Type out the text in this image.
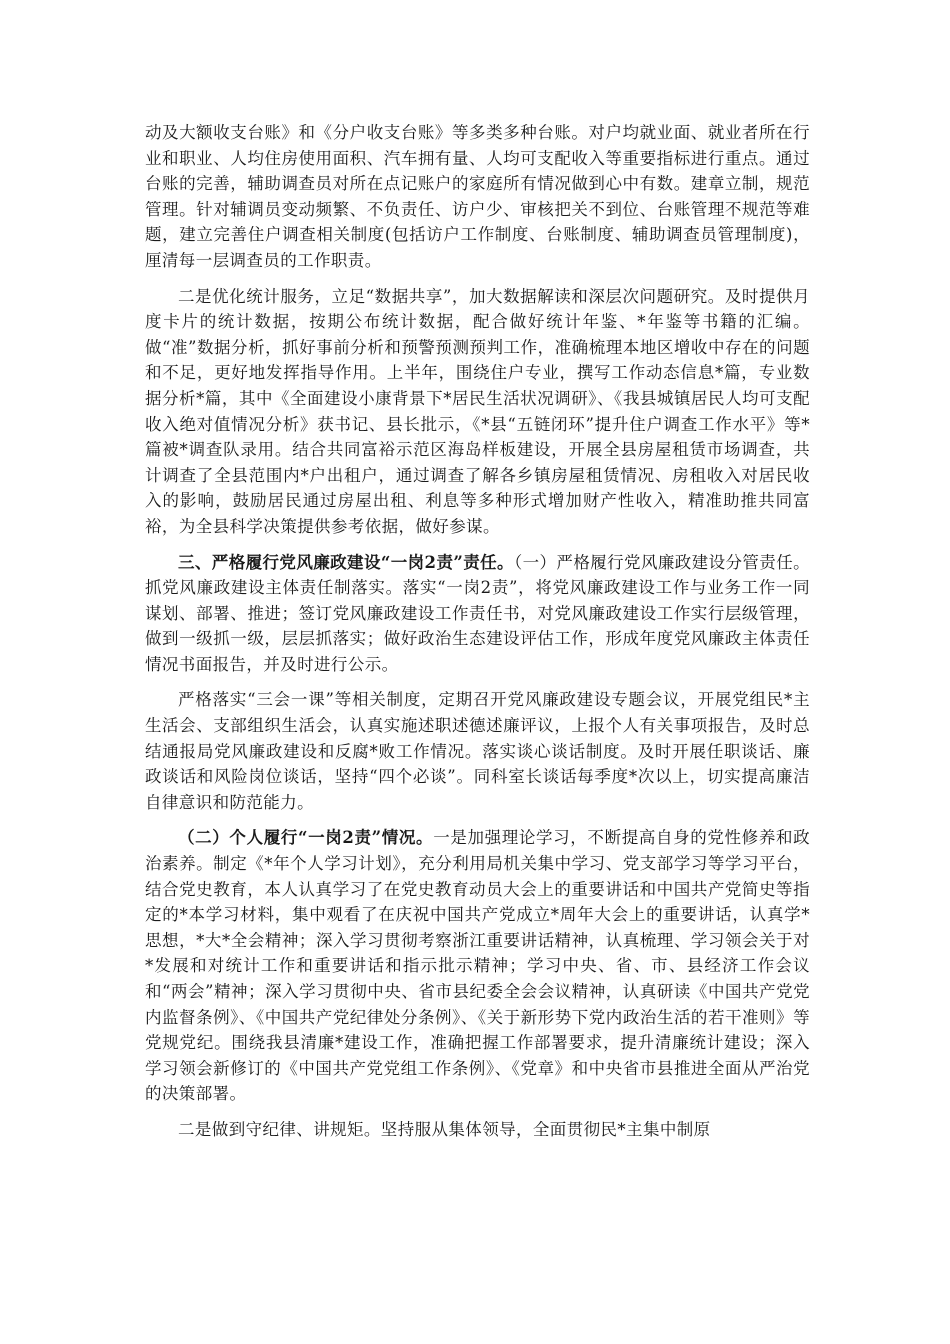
动及大额收支台账》和《分户收支台账》等多类多种台账。对户均就业面、就业者所在行业和职业、人均住房使用面积、汽车拥有量、人均可支配收入等重要指标进行重点。通过台账的完善，辅助调查员对所在点记账户的家庭所有情况做到心中有数。建章立制，规范管理。针对辅调员变动频繁、不负责任、访户少、审核把关不到位、台账管理不规范等难题，建立完善住户调查相关制度(包括访户工作制度、台账制度、辅助调查员管理制度)，厘清每一层调查员的工作职责。

二是优化统计服务，立足“数据共享”，加大数据解读和深层次问题研究。及时提供月度卡片的统计数据，按期公布统计数据，配合做好统计年鉴、*年鉴等书籍的汇编。做“准”数据分析，抓好事前分析和预警预测预判工作，准确梳理本地区增收中存在的问题和不足，更好地发挥指导作用。上半年，围绕住户专业，撰写工作动态信息*篇，专业数据分析*篇，其中《全面建设小康背景下*居民生活状况调研》、《我县城镇居民人均可支配收入绝对值情况分析》获书记、县长批示，《*县“五链闭环”提升住户调查工作水平》等*篇被*调查队录用。结合共同富裕示范区海岛样板建设，开展全县房屋租赁市场调查，共计调查了全县范围内*户出租户，通过调查了解各乡镇房屋租赁情况、房租收入对居民收入的影响，鼓励居民通过房屋出租、利息等多种形式增加财产性收入，精准助推共同富裕，为全县科学决策提供参考依据，做好参谋。

三、严格履行党风廉政建设“一岗2责”责任。（一）严格履行党风廉政建设分管责任。抓党风廉政建设主体责任制落实。落实“一岗2责”，将党风廉政建设工作与业务工作一同谋划、部署、推进；签订党风廉政建设工作责任书，对党风廉政建设工作实行层级管理，做到一级抓一级，层层抓落实；做好政治生态建设评估工作，形成年度党风廉政主体责任情况书面报告，并及时进行公示。

严格落实“三会一课”等相关制度，定期召开党风廉政建设专题会议，开展党组民*主生活会、支部组织生活会，认真实施述职述德述廉评议，上报个人有关事项报告，及时总结通报局党风廉政建设和反腐*败工作情况。落实谈心谈话制度。及时开展任职谈话、廉政谈话和风险岗位谈话，坚持“四个必谈”。同科室长谈话每季度*次以上，切实提高廉洁自律意识和防范能力。

（二）个人履行“一岗2责”情况。一是加强理论学习，不断提高自身的党性修养和政治素养。制定《*年个人学习计划》，充分利用局机关集中学习、党支部学习等学习平台，结合党史教育，本人认真学习了在党史教育动员大会上的重要讲话和中国共产党简史等指定的*本学习材料，集中观看了在庆祝中国共产党成立*周年大会上的重要讲话，认真学*思想，*大*全会精神；深入学习贯彻考察浙江重要讲话精神，认真梳理、学习领会关于对*发展和对统计工作和重要讲话和指示批示精神；学习中央、省、市、县经济工作会议和“两会”精神；深入学习贯彻中央、省市县纪委全会会议精神，认真研读《中国共产党党内监督条例》、《中国共产党纪律处分条例》、《关于新形势下党内政治生活的若干准则》等党规党纪。围绕我县清廉*建设工作，准确把握工作部署要求，提升清廉统计建设；深入学习领会新修订的《中国共产党党组工作条例》、《党章》和中央省市县推进全面从严治党的决策部署。

二是做到守纪律、讲规矩。坚持服从集体领导，全面贯彻民*主集中制原
